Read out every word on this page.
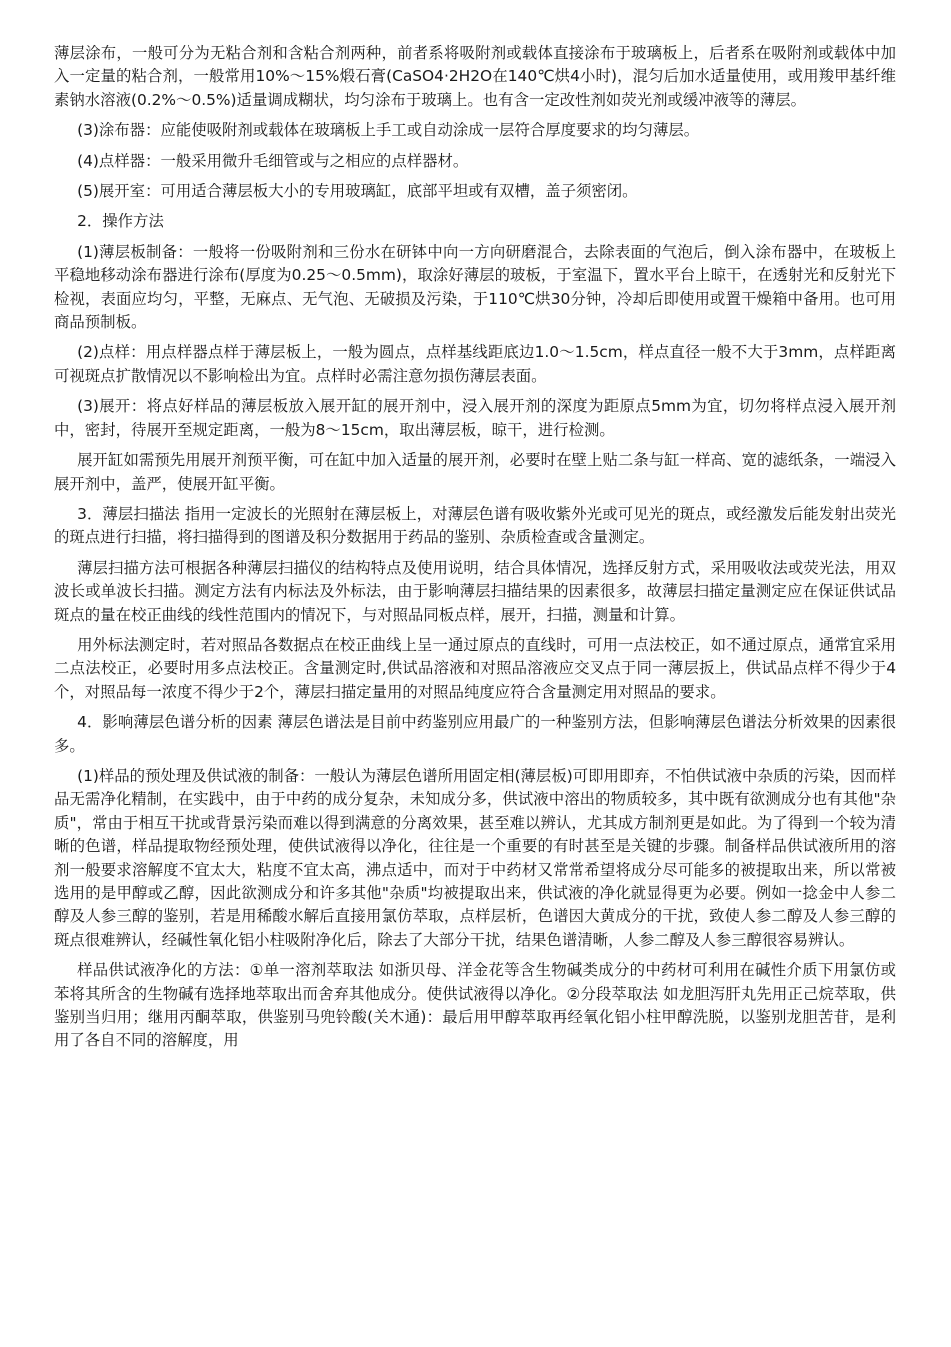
薄层涂布，一般可分为无粘合剂和含粘合剂两种，前者系将吸附剂或载体直接涂布于玻璃板上，后者系在吸附剂或载体中加入一定量的粘合剂，一般常用10%～15%煅石膏(CaSO4·2H2O在140℃烘4小时)，混匀后加水适量使用，或用羧甲基纤维素钠水溶液(0.2%～0.5%)适量调成糊状，均匀涂布于玻璃上。也有含一定改性剂如荧光剂或缓冲液等的薄层。

(3)涂布器：应能使吸附剂或载体在玻璃板上手工或自动涂成一层符合厚度要求的均匀薄层。

(4)点样器：一般采用微升毛细管或与之相应的点样器材。

(5)展开室：可用适合薄层板大小的专用玻璃缸，底部平坦或有双槽，盖子须密闭。

2．操作方法

(1)薄层板制备：一般将一份吸附剂和三份水在研钵中向一方向研磨混合，去除表面的气泡后，倒入涂布器中，在玻板上平稳地移动涂布器进行涂布(厚度为0.25～0.5mm)，取涂好薄层的玻板，于室温下，置水平台上晾干，在透射光和反射光下检视，表面应均匀，平整，无麻点、无气泡、无破损及污染，于110℃烘30分钟，冷却后即使用或置干燥箱中备用。也可用商品预制板。

(2)点样：用点样器点样于薄层板上，一般为圆点，点样基线距底边1.0～1.5cm，样点直径一般不大于3mm，点样距离可视斑点扩散情况以不影响检出为宜。点样时必需注意勿损伤薄层表面。

(3)展开：将点好样品的薄层板放入展开缸的展开剂中，浸入展开剂的深度为距原点5mm为宜，切勿将样点浸入展开剂中，密封，待展开至规定距离，一般为8～15cm，取出薄层板，晾干，进行检测。

展开缸如需预先用展开剂预平衡，可在缸中加入适量的展开剂，必要时在壁上贴二条与缸一样高、宽的滤纸条，一端浸入展开剂中，盖严，使展开缸平衡。

3．薄层扫描法 指用一定波长的光照射在薄层板上，对薄层色谱有吸收紫外光或可见光的斑点，或经激发后能发射出荧光的斑点进行扫描，将扫描得到的图谱及积分数据用于药品的鉴别、杂质检查或含量测定。

薄层扫描方法可根据各种薄层扫描仪的结构特点及使用说明，结合具体情况，选择反射方式，采用吸收法或荧光法，用双波长或单波长扫描。测定方法有内标法及外标法，由于影响薄层扫描结果的因素很多，故薄层扫描定量测定应在保证供试品斑点的量在校正曲线的线性范围内的情况下，与对照品同板点样，展开，扫描，测量和计算。

用外标法测定时，若对照品各数据点在校正曲线上呈一通过原点的直线时，可用一点法校正，如不通过原点，通常宜采用二点法校正，必要时用多点法校正。含量测定时,供试品溶液和对照品溶液应交叉点于同一薄层扳上，供试品点样不得少于4个，对照品每一浓度不得少于2个，薄层扫描定量用的对照品纯度应符合含量测定用对照品的要求。

4．影响薄层色谱分析的因素 薄层色谱法是目前中药鉴别应用最广的一种鉴别方法，但影响薄层色谱法分析效果的因素很多。

(1)样品的预处理及供试液的制备：一般认为薄层色谱所用固定相(薄层板)可即用即弃，不怕供试液中杂质的污染，因而样品无需净化精制，在实践中，由于中药的成分复杂，未知成分多，供试液中溶出的物质较多，其中既有欲测成分也有其他"杂质"，常由于相互干扰或背景污染而难以得到满意的分离效果，甚至难以辨认，尤其成方制剂更是如此。为了得到一个较为清晰的色谱，样品提取物经预处理，使供试液得以净化，往往是一个重要的有时甚至是关键的步骤。制备样品供试液所用的溶剂一般要求溶解度不宜太大，粘度不宜太高，沸点适中，而对于中药材又常常希望将成分尽可能多的被提取出来，所以常被选用的是甲醇或乙醇，因此欲测成分和许多其他"杂质"均被提取出来，供试液的净化就显得更为必要。例如一捻金中人参二醇及人参三醇的鉴别，若是用稀酸水解后直接用氯仿萃取，点样层析，色谱因大黄成分的干扰，致使人参二醇及人参三醇的斑点很难辨认，经碱性氧化铝小柱吸附净化后，除去了大部分干扰，结果色谱清晰，人参二醇及人参三醇很容易辨认。

样品供试液净化的方法：①单一溶剂萃取法 如浙贝母、洋金花等含生物碱类成分的中药材可利用在碱性介质下用氯仿或苯将其所含的生物碱有选择地萃取出而舍弃其他成分。使供试液得以净化。②分段萃取法 如龙胆泻肝丸先用正己烷萃取，供鉴别当归用；继用丙酮萃取，供鉴别马兜铃酸(关木通)：最后用甲醇萃取再经氧化铝小柱甲醇洗脱，以鉴别龙胆苦苷，是利用了各自不同的溶解度，用
